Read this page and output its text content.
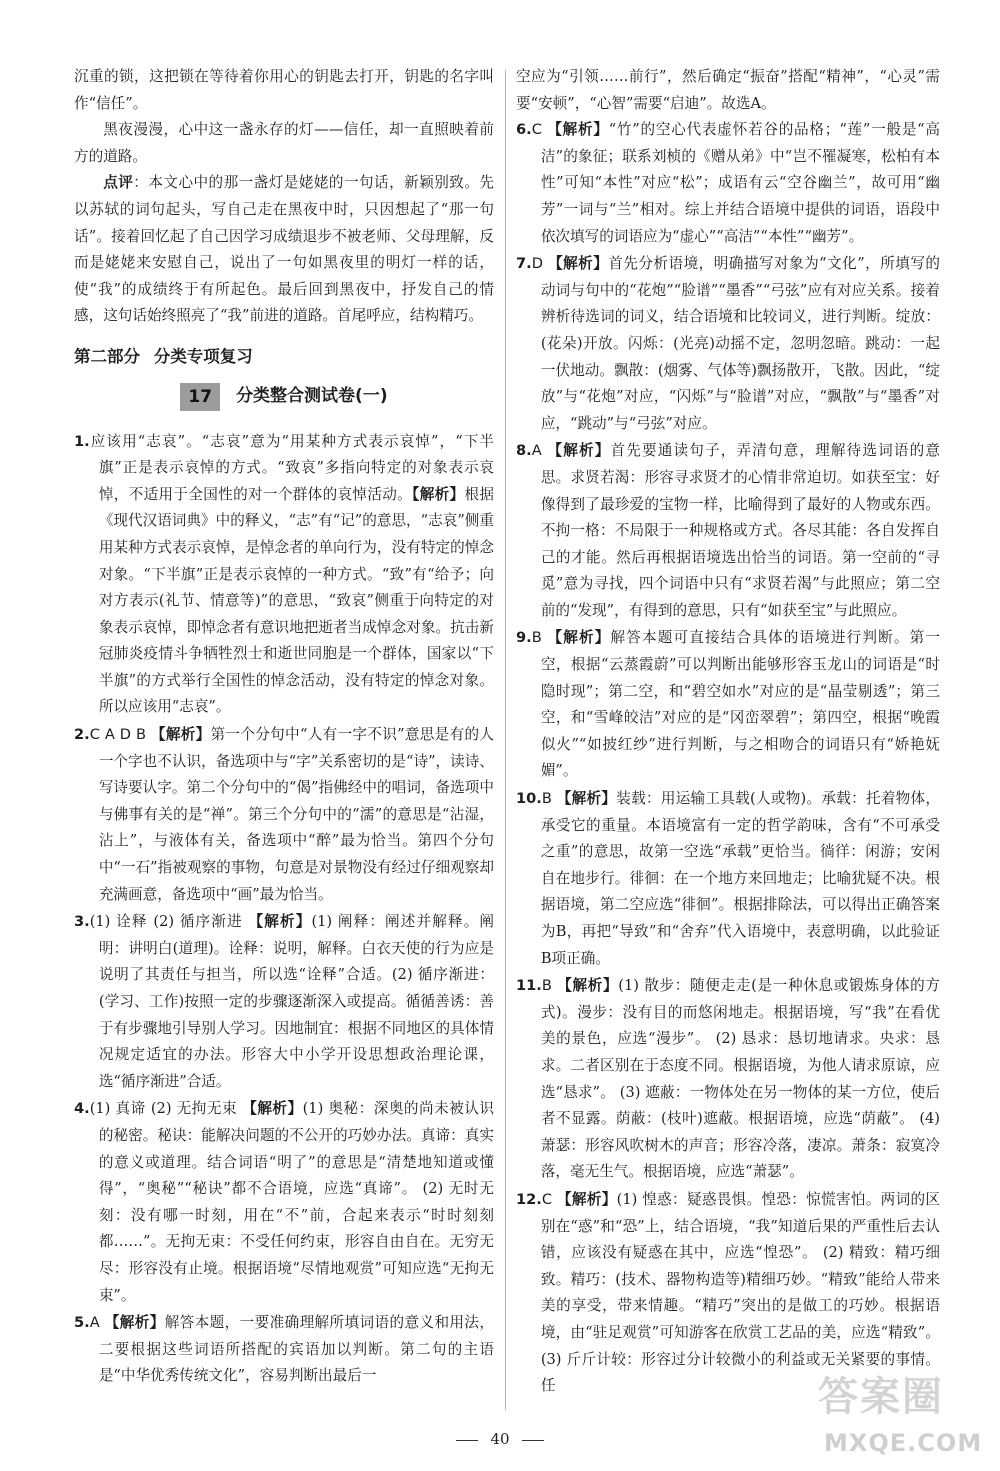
沉重的锁，这把锁在等待着你用心的钥匙去打开，钥匙的名字叫作“信任”。

黑夜漫漫，心中这一盏永存的灯——信任，却一直照映着前方的道路。

点评：本文心中的那一盏灯是姥姥的一句话，新颖别致。先以苏轼的词句起头，写自己走在黑夜中时，只因想起了“那一句话”。接着回忆起了自己因学习成绩退步不被老师、父母理解，反而是姥姥来安慰自己，说出了一句如黑夜里的明灯一样的话，使“我”的成绩终于有所起色。最后回到黑夜中，抒发自己的情感，这句话始终照亮了“我”前进的道路。首尾呼应，结构精巧。

第二部分 分类专项复习
17	分类整合测试卷(一)

1.应该用“志哀”。“志哀”意为“用某种方式表示哀悼”，“下半旗”正是表示哀悼的方式。“致哀”多指向特定的对象表示哀悼，不适用于全国性的对一个群体的哀悼活动。【解析】根据《现代汉语词典》中的释义，“志”有“记”的意思，“志哀”侧重用某种方式表示哀悼，是悼念者的单向行为，没有特定的悼念对象。“下半旗”正是表示哀悼的一种方式。“致”有“给予；向对方表示(礼节、情意等)”的意思，“致哀”侧重于向特定的对象表示哀悼，即悼念者有意识地把逝者当成悼念对象。抗击新冠肺炎疫情斗争牺牲烈士和逝世同胞是一个群体，国家以“下半旗”的方式举行全国性的悼念活动，没有特定的悼念对象。所以应该用“志哀”。

2.C A D B 【解析】第一个分句中“人有一字不识”意思是有的人一个字也不认识，备选项中与“字”关系密切的是“诗”，读诗、写诗要认字。第二个分句中的“偈”指佛经中的唱词，备选项中与佛事有关的是“禅”。第三个分句中的“濡”的意思是“沾湿，沾上”，与液体有关，备选项中“醉”最为恰当。第四个分句中“一石”指被观察的事物，句意是对景物没有经过仔细观察却充满画意，备选项中“画”最为恰当。

3.(1) 诠释 (2) 循序渐进 【解析】(1) 阐释：阐述并解释。阐明：讲明白(道理)。诠释：说明，解释。白衣天使的行为应是说明了其责任与担当，所以选“诠释”合适。(2) 循序渐进：(学习、工作)按照一定的步骤逐渐深入或提高。循循善诱：善于有步骤地引导别人学习。因地制宜：根据不同地区的具体情况规定适宜的办法。形容大中小学开设思想政治理论课，选“循序渐进”合适。

4.(1) 真谛 (2) 无拘无束 【解析】(1) 奥秘：深奥的尚未被认识的秘密。秘诀：能解决问题的不公开的巧妙办法。真谛：真实的意义或道理。结合词语“明了”的意思是“清楚地知道或懂得”，“奥秘”“秘诀”都不合语境，应选“真谛”。 (2) 无时无刻：没有哪一时刻，用在“不”前，合起来表示“时时刻刻都……”。无拘无束：不受任何约束，形容自由自在。无穷无尽：形容没有止境。根据语境“尽情地观赏”可知应选“无拘无束”。

5.A 【解析】解答本题，一要准确理解所填词语的意义和用法，二要根据这些词语所搭配的宾语加以判断。第二句的主语是“中华优秀传统文化”，容易判断出最后一

空应为“引领……前行”，然后确定“振奋”搭配“精神”，“心灵”需要“安顿”，“心智”需要“启迪”。故选A。

6.C 【解析】“竹”的空心代表虚怀若谷的品格；“莲”一般是“高洁”的象征；联系刘桢的《赠从弟》中“岂不罹凝寒，松柏有本性”可知“本性”对应“松”；成语有云“空谷幽兰”，故可用“幽芳”一词与“兰”相对。综上并结合语境中提供的词语，语段中依次填写的词语应为“虚心”“高洁”“本性”“幽芳”。

7.D 【解析】首先分析语境，明确描写对象为“文化”，所填写的动词与句中的“花炮”“脸谱”“墨香”“弓弦”应有对应关系。接着辨析待选词的词义，结合语境和比较词义，进行判断。绽放：(花朵)开放。闪烁：(光亮)动摇不定，忽明忽暗。跳动：一起一伏地动。飘散：(烟雾、气体等)飘扬散开，飞散。因此，“绽放”与“花炮”对应，“闪烁”与“脸谱”对应，“飘散”与“墨香”对应，“跳动”与“弓弦”对应。

8.A 【解析】首先要通读句子，弄清句意，理解待选词语的意思。求贤若渴：形容寻求贤才的心情非常迫切。如获至宝：好像得到了最珍爱的宝物一样，比喻得到了最好的人物或东西。不拘一格：不局限于一种规格或方式。各尽其能：各自发挥自己的才能。然后再根据语境选出恰当的词语。第一空前的“寻觅”意为寻找，四个词语中只有“求贤若渴”与此照应；第二空前的“发现”，有得到的意思，只有“如获至宝”与此照应。

9.B 【解析】解答本题可直接结合具体的语境进行判断。第一空，根据“云蒸霞蔚”可以判断出能够形容玉龙山的词语是“时隐时现”；第二空，和“碧空如水”对应的是“晶莹剔透”；第三空，和“雪峰皎洁”对应的是“冈峦翠碧”；第四空，根据“晚霞似火”“如披红纱”进行判断，与之相吻合的词语只有“娇艳妩媚”。

10.B 【解析】装载：用运输工具载(人或物)。承载：托着物体，承受它的重量。本语境富有一定的哲学韵味，含有“不可承受之重”的意思，故第一空选“承载”更恰当。徜徉：闲游；安闲自在地步行。徘徊：在一个地方来回地走；比喻犹疑不决。根据语境，第二空应选“徘徊”。根据排除法，可以得出正确答案为B，再把“导致”和“舍弃”代入语境中，表意明确，以此验证B项正确。

11.B 【解析】(1) 散步：随便走走(是一种休息或锻炼身体的方式)。漫步：没有目的而悠闲地走。根据语境，写“我”在看优美的景色，应选“漫步”。 (2) 恳求：恳切地请求。央求：恳求。二者区别在于态度不同。根据语境，为他人请求原谅，应选“恳求”。 (3) 遮蔽：一物体处在另一物体的某一方位，使后者不显露。荫蔽：(枝叶)遮蔽。根据语境，应选“荫蔽”。 (4) 萧瑟：形容风吹树木的声音；形容冷落，凄凉。萧条：寂寞冷落，毫无生气。根据语境，应选“萧瑟”。

12.C 【解析】(1) 惶惑：疑惑畏惧。惶恐：惊慌害怕。两词的区别在“惑”和“恐”上，结合语境，“我”知道后果的严重性后去认错，应该没有疑惑在其中，应选“惶恐”。 (2) 精致：精巧细致。精巧：(技术、器物构造等)精细巧妙。“精致”能给人带来美的享受，带来情趣。“精巧”突出的是做工的巧妙。根据语境，由“驻足观赏”可知游客在欣赏工艺品的美，应选“精致”。 (3) 斤斤计较：形容过分计较微小的利益或无关紧要的事情。任

40
答案圈
MXQE.COM
